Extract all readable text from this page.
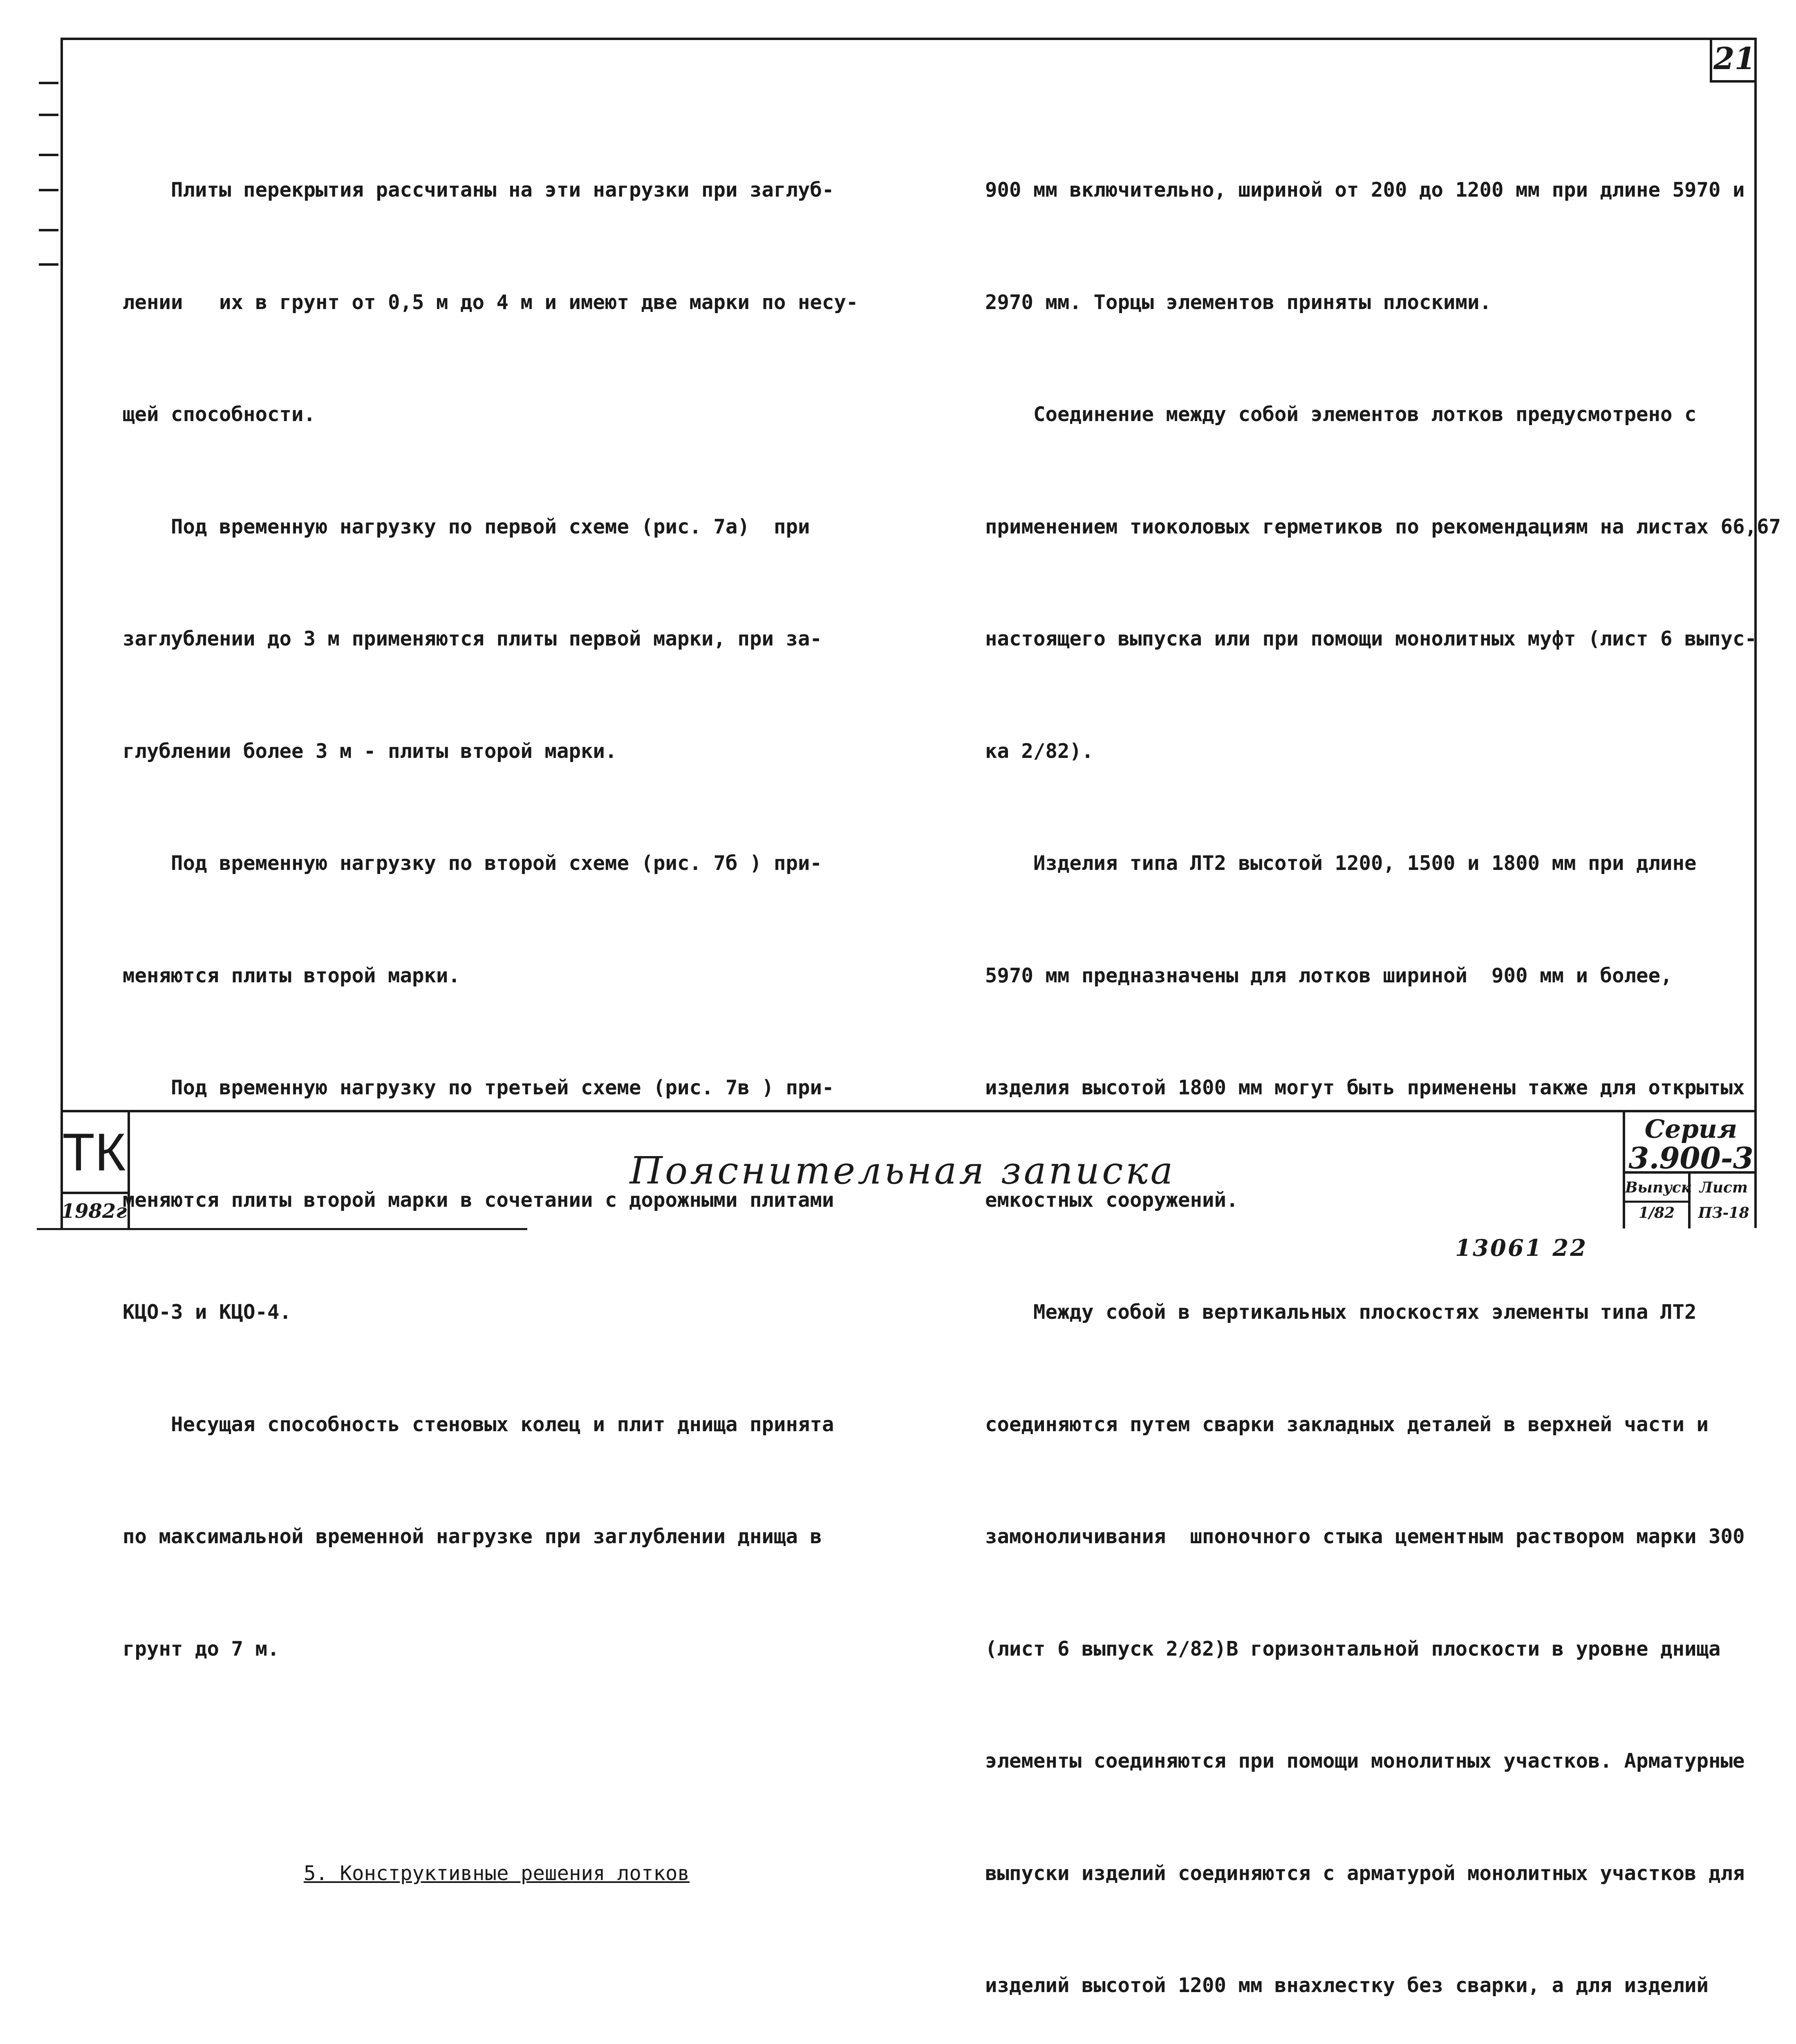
21

Плиты перекрытия рассчитаны на эти нагрузки при заглуб-

лении   их в грунт от 0,5 м до 4 м и имеют две марки по несу-

щей способности.

Под временную нагрузку по первой схеме (рис. 7а)  при

заглублении до 3 м применяются плиты первой марки, при за-

глублении более 3 м - плиты второй марки.

Под временную нагрузку по второй схеме (рис. 7б ) при-

меняются плиты второй марки.

Под временную нагрузку по третьей схеме (рис. 7в ) при-

меняются плиты второй марки в сочетании с дорожными плитами

КЦО-3 и КЦО-4.

Несущая способность стеновых колец и плит днища принята

по максимальной временной нагрузке при заглублении днища в

грунт до 7 м.

5. Конструктивные решения лотков

900 мм включительно, шириной от 200 до 1200 мм при длине 5970 и

2970 мм. Торцы элементов приняты плоскими.

Соединение между собой элементов лотков предусмотрено с

применением тиоколовых герметиков по рекомендациям на листах 66,67

настоящего выпуска или при помощи монолитных муфт (лист 6 выпус-

ка 2/82).

Изделия типа ЛТ2 высотой 1200, 1500 и 1800 мм при длине

5970 мм предназначены для лотков шириной  900 мм и более,

изделия высотой 1800 мм могут быть применены также для открытых

емкостных сооружений.

Между собой в вертикальных плоскостях элементы типа ЛТ2

соединяются путем сварки закладных деталей в верхней части и

замоноличивания  шпоночного стыка цементным раствором марки 300

(лист 6 выпуск 2/82)В горизонтальной плоскости в уровне днища

элементы соединяются при помощи монолитных участков. Арматурные

выпуски изделий соединяются с арматурой монолитных участков для

изделий высотой 1200 мм внахлестку без сварки, а для изделий

ТК
1982г
Пояснительная записка
Серия
3.900-3
Выпуск
1/82
Лист
ПЗ-18
13061 22
